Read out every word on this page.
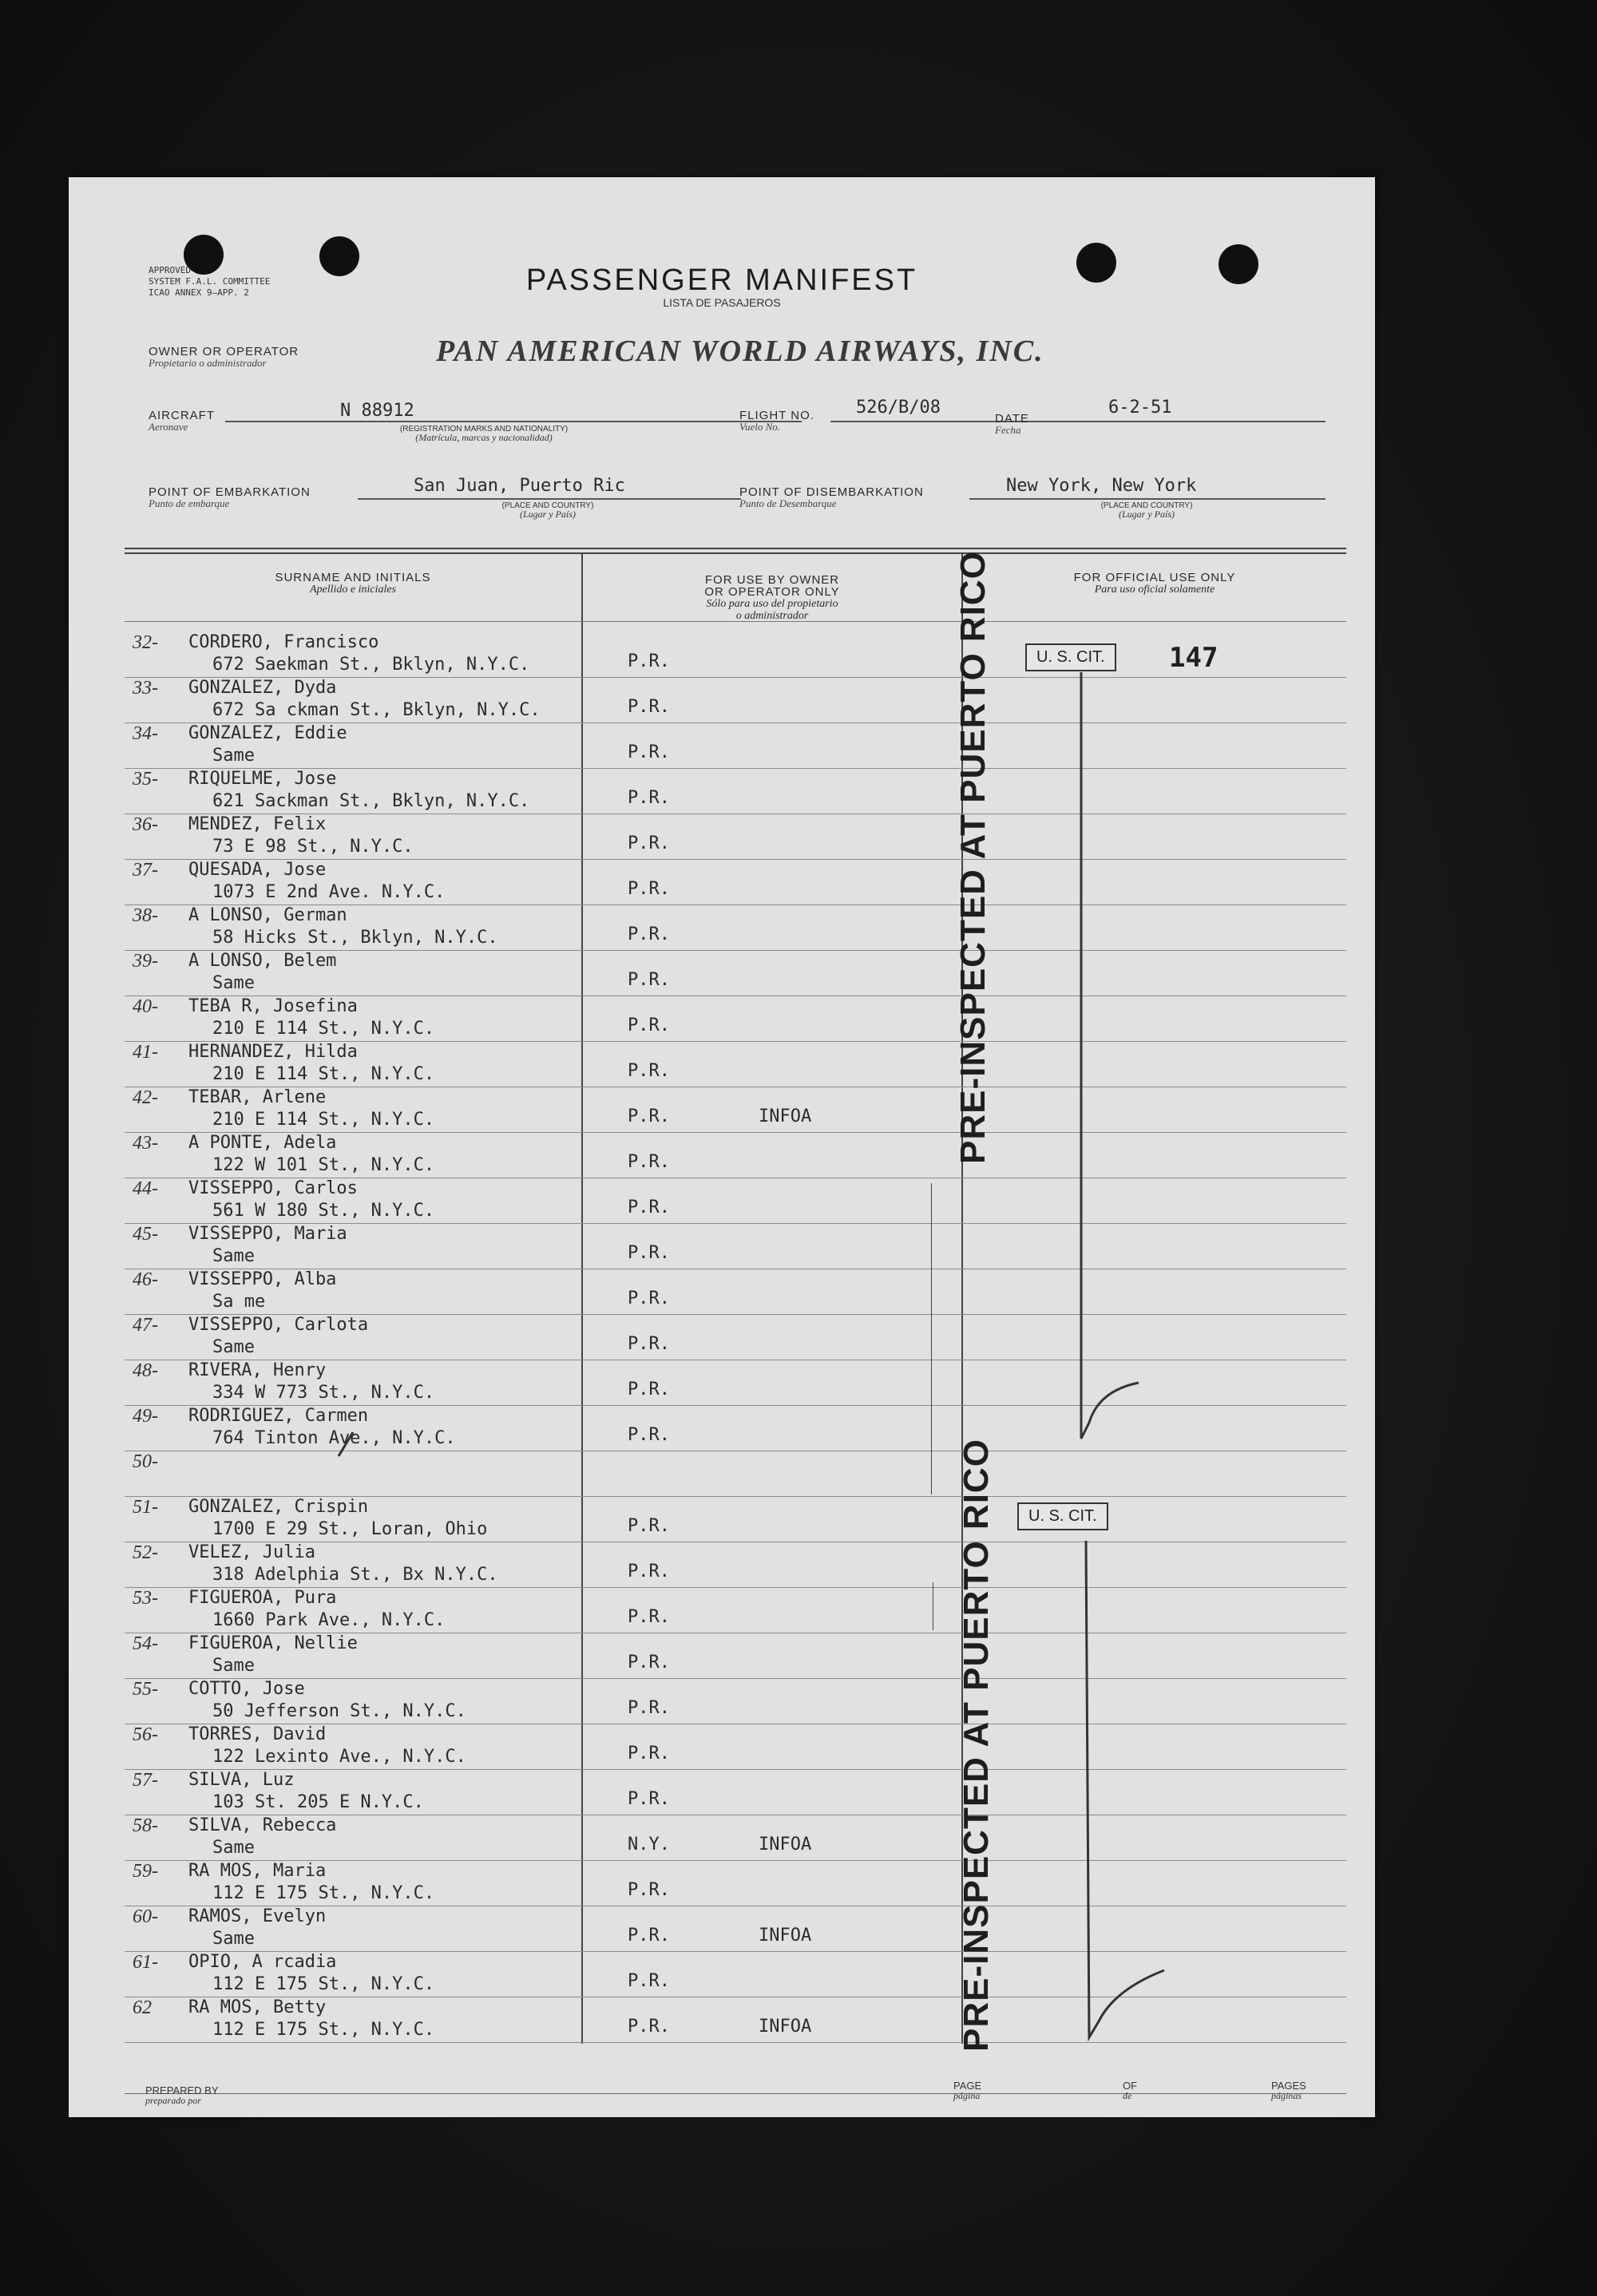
APPROVED
SYSTEM F.A.L. COMMITTEE
ICAO ANNEX 9—APP. 2	PASSENGER MANIFEST
LISTA DE PASAJEROS
OWNER OR OPERATOR
Propietario o administrador	PAN AMERICAN WORLD AIRWAYS, INC.
AIRCRAFT
Aeronave
N 88912
(REGISTRATION MARKS AND NATIONALITY)
(Matrícula, marcas y nacionalidad)
FLIGHT NO.
Vuelo No.
526/B/08
DATE
Fecha
6-2-51
POINT OF EMBARKATION
Punto de embarque
San Juan, Puerto Ric
(PLACE AND COUNTRY)
(Lugar y País)
POINT OF DISEMBARKATION
Punto de Desembarque
New York, New York
(PLACE AND COUNTRY)
(Lugar y País)
SURNAME AND INITIALS
Apellido e iniciales

FOR USE BY OWNER
OR OPERATOR ONLY

Sólo para uso del propietario
o administrador

FOR OFFICIAL USE ONLY
Para uso oficial solamente
32- CORDERO, Francisco
672 Saekman St., Bklyn, N.Y.C.	P.R.
33- GONZALEZ, Dyda
672 Sa ckman St., Bklyn, N.Y.C.	P.R.
34- GONZALEZ, Eddie
Same	P.R.
35- RIQUELME, Jose
621 Sackman St., Bklyn, N.Y.C.	P.R.
36- MENDEZ, Felix
73 E 98 St., N.Y.C.	P.R.
37- QUESADA, Jose
1073 E 2nd Ave. N.Y.C.	P.R.
38- A LONSO, German
58 Hicks St., Bklyn, N.Y.C.	P.R.
39- A LONSO, Belem
Same	P.R.
40- TEBA R, Josefina
210 E 114 St., N.Y.C.	P.R.
41- HERNANDEZ, Hilda
210 E 114 St., N.Y.C.	P.R.
42- TEBAR, Arlene
210 E 114 St., N.Y.C.	P.R.	INFOA
43- A PONTE, Adela
122 W 101 St., N.Y.C.	P.R.
44- VISSEPPO, Carlos
561 W 180 St., N.Y.C.	P.R.
45- VISSEPPO, Maria
Same	P.R.
46- VISSEPPO, Alba
Sa me	P.R.
47- VISSEPPO, Carlota
Same	P.R.
48- RIVERA, Henry
334 W 773 St., N.Y.C.	P.R.
49- RODRIGUEZ, Carmen
764 Tinton Ave., N.Y.C.	P.R.
50-
51- GONZALEZ, Crispin
1700 E 29 St., Loran, Ohio	P.R.
52- VELEZ, Julia
318 Adelphia St., Bx N.Y.C.	P.R.
53- FIGUEROA, Pura
1660 Park Ave., N.Y.C.	P.R.
54- FIGUEROA, Nellie
Same	P.R.
55- COTTO, Jose
50 Jefferson St., N.Y.C.	P.R.
56- TORRES, David
122 Lexinto Ave., N.Y.C.	P.R.
57- SILVA, Luz
103 St. 205 E N.Y.C.	P.R.
58- SILVA, Rebecca
Same	N.Y.	INFOA
59- RA MOS, Maria
112 E 175 St., N.Y.C.	P.R.
60- RAMOS, Evelyn
Same	P.R.	INFOA
61- OPIO, A rcadia
112 E 175 St., N.Y.C.	P.R.
62 RA MOS, Betty
112 E 175 St., N.Y.C.	P.R.	INFOA
PRE-INSPECTED AT PUERTO RICO
PRE-INSPECTED AT PUERTO RICO
U. S. CIT.	147
U. S. CIT.
PREPARED BY
preparado por
PAGE
página
OF
de
PAGES
páginas
